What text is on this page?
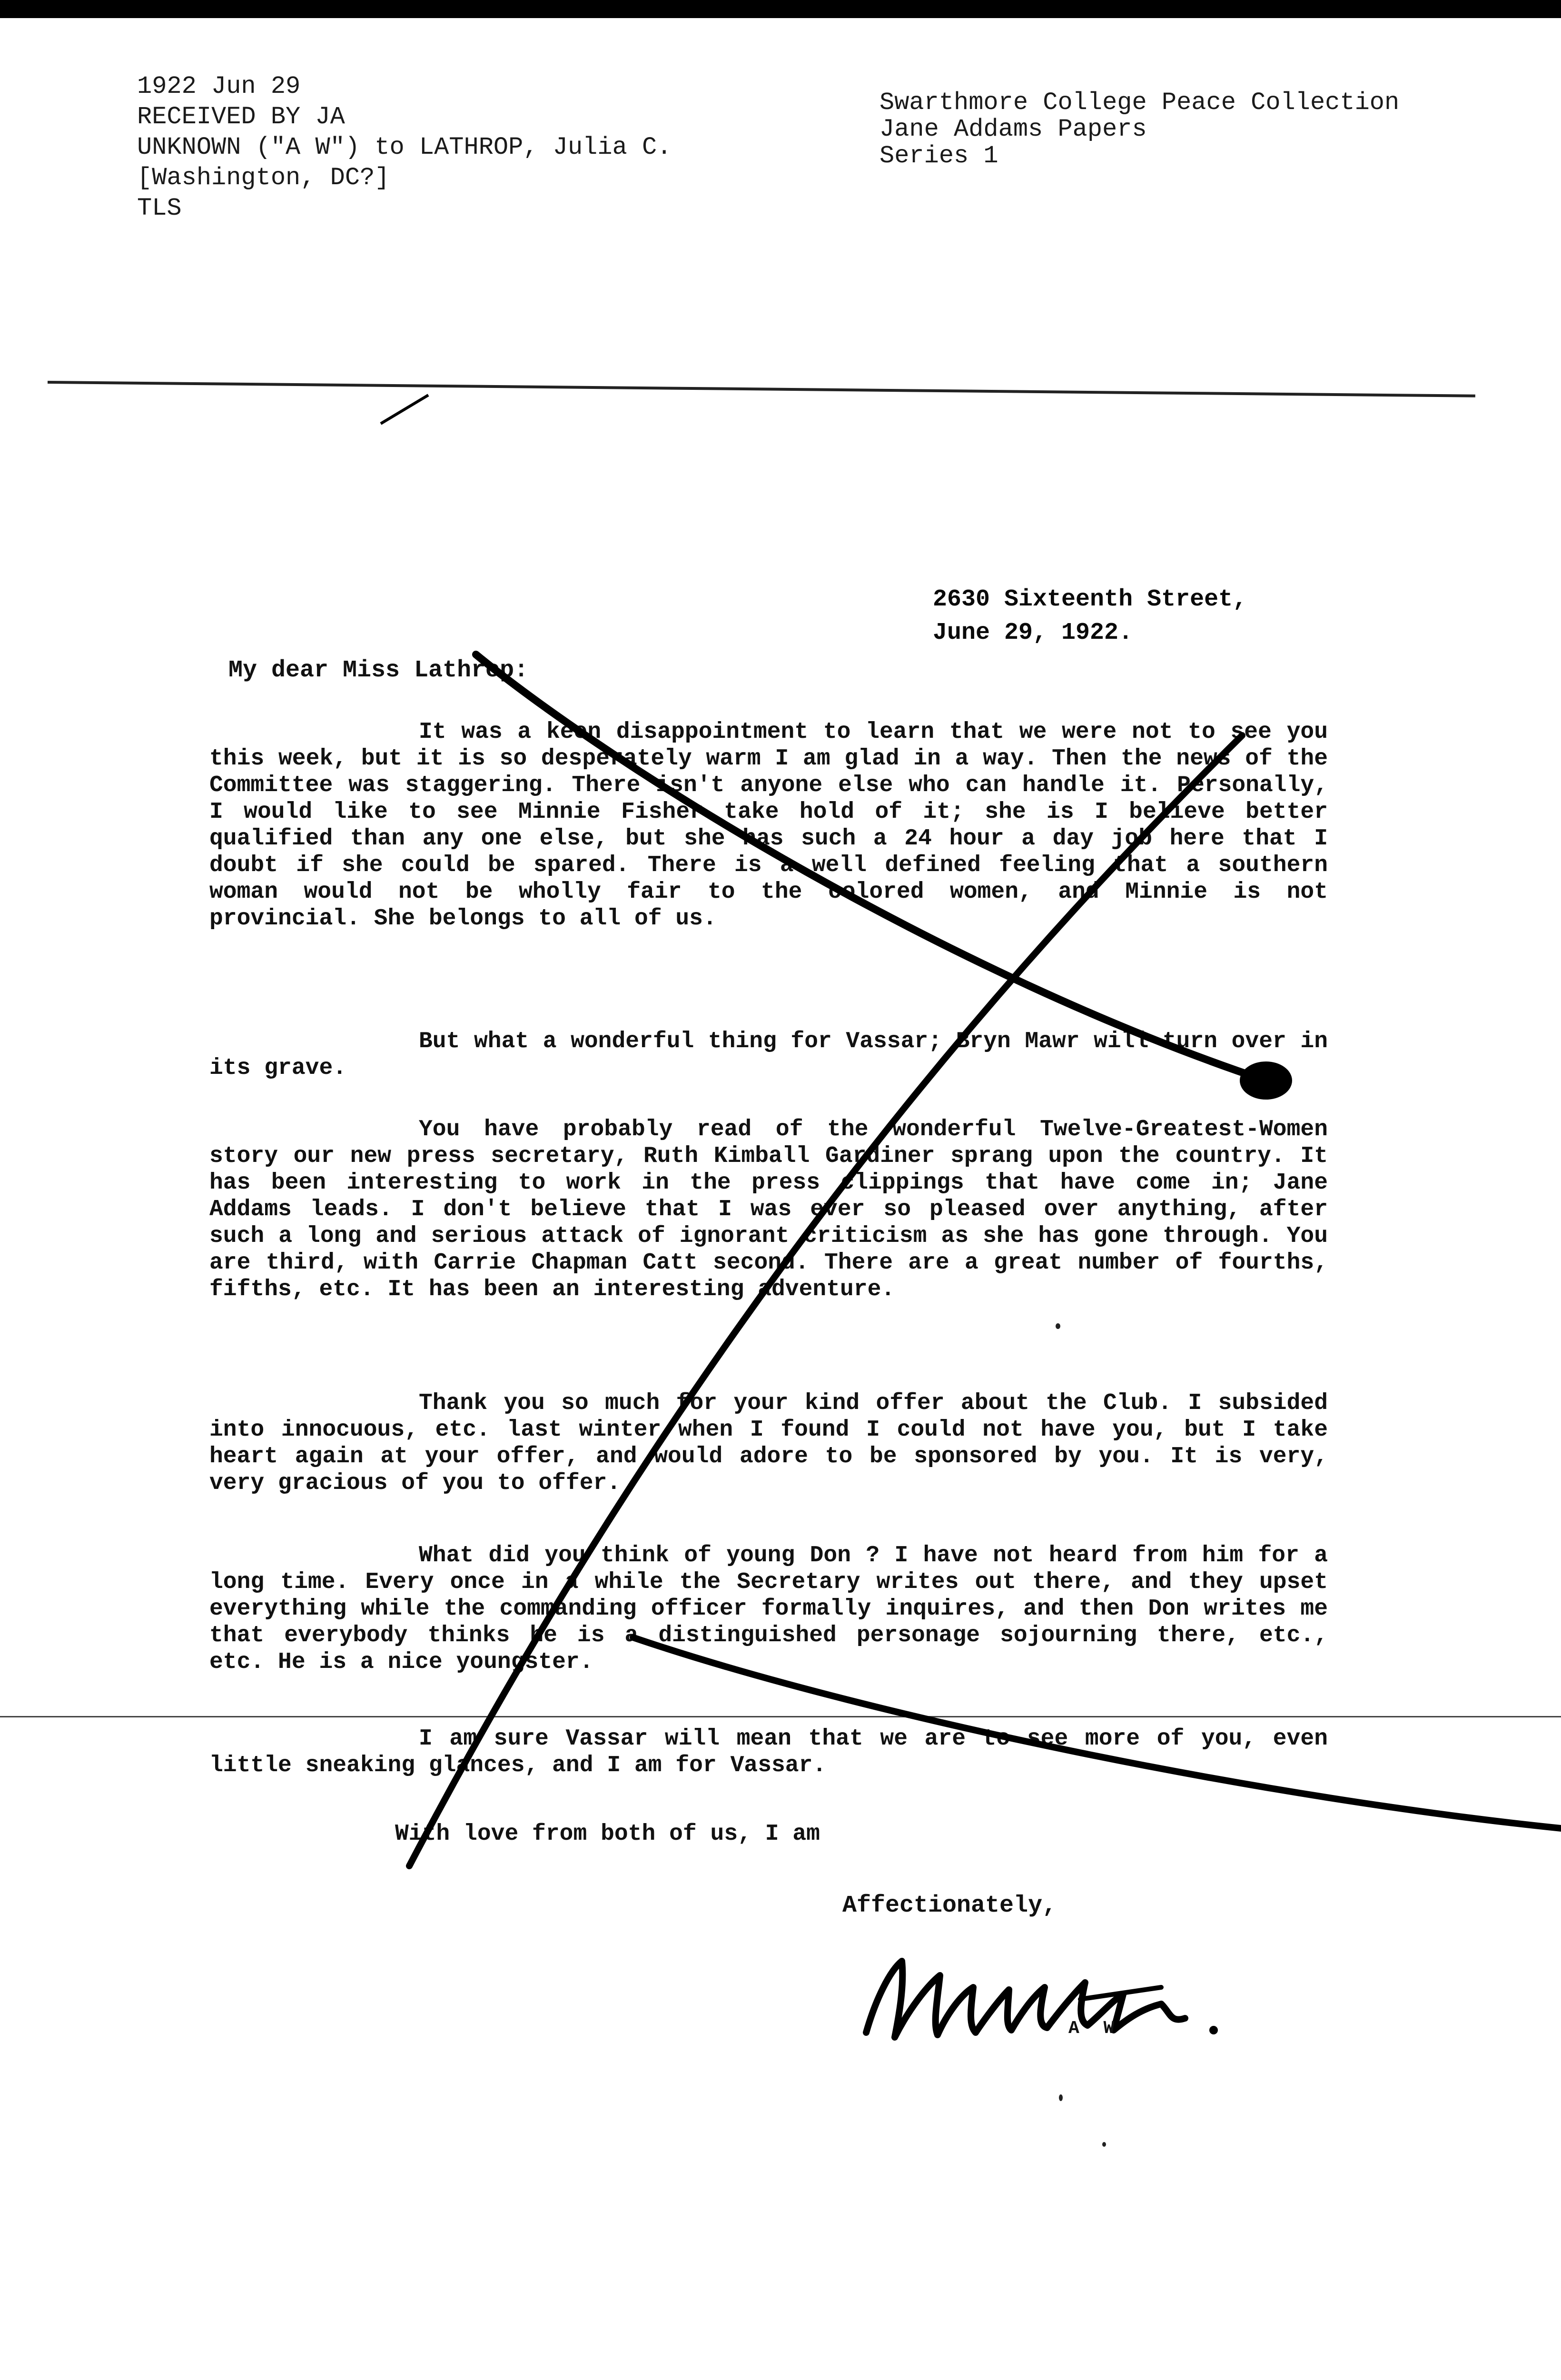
1922 Jun 29
RECEIVED BY JA
UNKNOWN ("A W") to LATHROP, Julia C.
[Washington, DC?]
TLS
Swarthmore College Peace Collection
Jane Addams Papers
Series 1
2630 Sixteenth Street,
June 29, 1922.
My dear Miss Lathrop:
It was a keen disappointment to learn that we were not to see you this week, but it is so desperately warm I am glad in a way. Then the news of the Committee was staggering. There isn't anyone else who can handle it. Personally, I would like to see Minnie Fisher take hold of it; she is I believe better qualified than any one else, but she has such a 24 hour a day job here that I doubt if she could be spared. There is a well defined feeling that a southern woman would not be wholly fair to the colored women, and Minnie is not provincial. She belongs to all of us.
But what a wonderful thing for Vassar; Bryn Mawr will turn over in its grave.
You have probably read of the wonderful Twelve-Greatest-Women story our new press secretary, Ruth Kimball Gardiner sprang upon the country. It has been interesting to work in the press clippings that have come in; Jane Addams leads. I don't believe that I was ever so pleased over anything, after such a long and serious attack of ignorant criticism as she has gone through. You are third, with Carrie Chapman Catt second. There are a great number of fourths, fifths, etc. It has been an interesting adventure.
Thank you so much for your kind offer about the Club. I subsided into innocuous, etc. last winter when I found I could not have you, but I take heart again at your offer, and would adore to be sponsored by you. It is very, very gracious of you to offer.
What did you think of young Don ? I have not heard from him for a long time. Every once in a while the Secretary writes out there, and they upset everything while the commanding officer formally inquires, and then Don writes me that everybody thinks he is a distinguished personage sojourning there, etc., etc. He is a nice youngster.
I am sure Vassar will mean that we are to see more of you, even little sneaking glances, and I am for Vassar.
With love from both of us, I am
Affectionately,
A W
